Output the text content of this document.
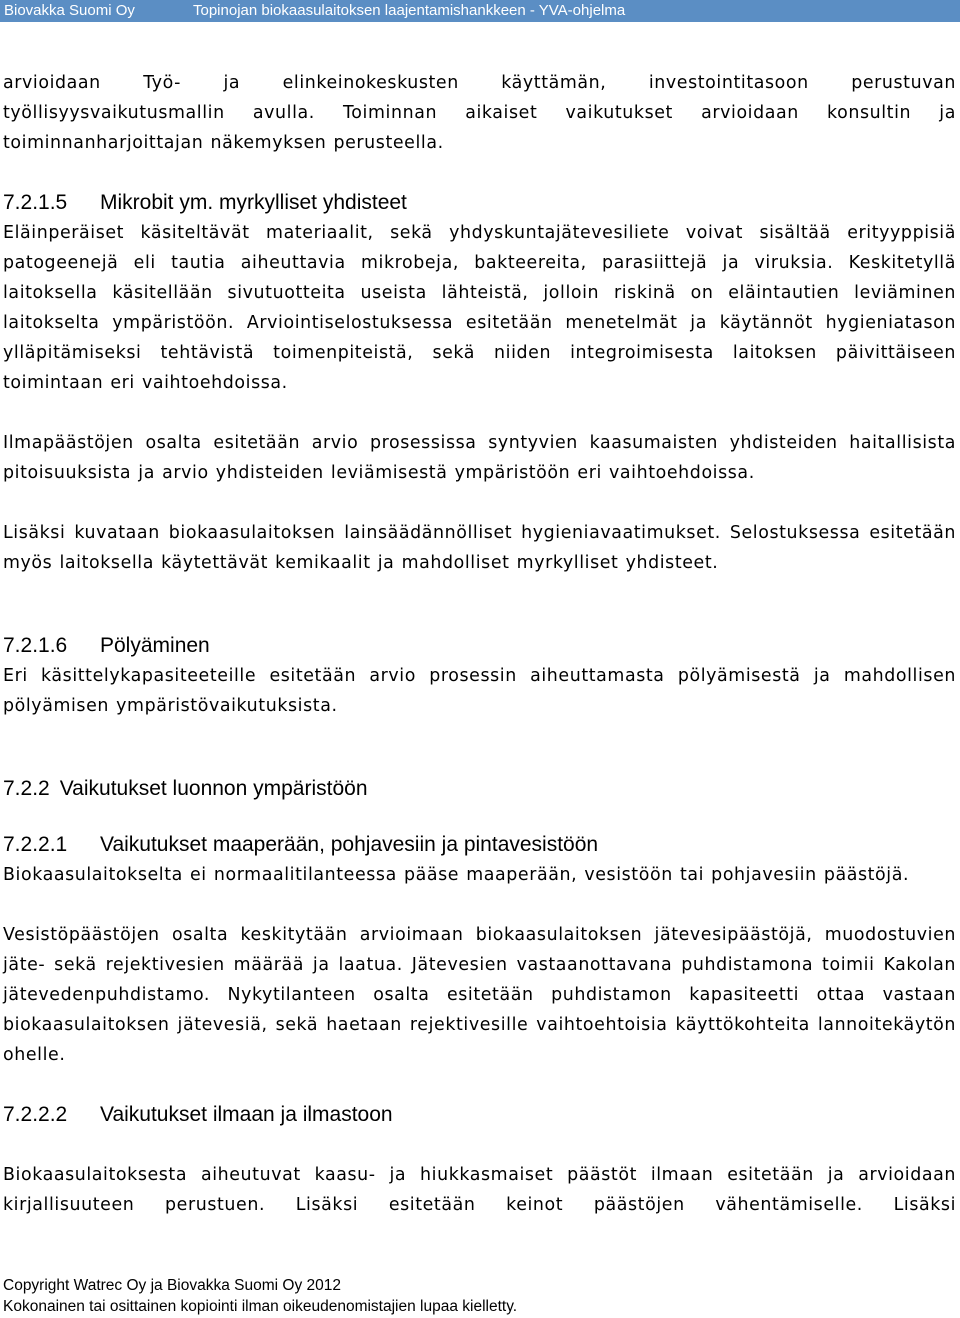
Biovakka Suomi Oy	Topinojan biokaasulaitoksen laajentamishankkeen - YVA-ohjelma

arvioidaan Työ- ja elinkeinokeskusten käyttämän, investointitasoon perustuvan työllisyysvaikutusmallin avulla. Toiminnan aikaiset vaikutukset arvioidaan konsultin ja toiminnanharjoittajan näkemyksen perusteella.

7.2.1.5 Mikrobit ym. myrkylliset yhdisteet

Eläinperäiset käsiteltävät materiaalit, sekä yhdyskuntajätevesiliete voivat sisältää erityyppisiä patogeenejä eli tautia aiheuttavia mikrobeja, bakteereita, parasiittejä ja viruksia. Keskitetyllä laitoksella käsitellään sivutuotteita useista lähteistä, jolloin riskinä on eläintautien leviäminen laitokselta ympäristöön. Arviointiselostuksessa esitetään menetelmät ja käytännöt hygieniatason ylläpitämiseksi tehtävistä toimenpiteistä, sekä niiden integroimisesta laitoksen päivittäiseen toimintaan eri vaihtoehdoissa.

Ilmapäästöjen osalta esitetään arvio prosessissa syntyvien kaasumaisten yhdisteiden haitallisista pitoisuuksista ja arvio yhdisteiden leviämisestä ympäristöön eri vaihtoehdoissa.

Lisäksi kuvataan biokaasulaitoksen lainsäädännölliset hygieniavaatimukset. Selostuksessa esitetään myös laitoksella käytettävät kemikaalit ja mahdolliset myrkylliset yhdisteet.

7.2.1.6 Pölyäminen

Eri käsittelykapasiteeteille esitetään arvio prosessin aiheuttamasta pölyämisestä ja mahdollisen pölyämisen ympäristövaikutuksista.

7.2.2 Vaikutukset luonnon ympäristöön
7.2.2.1 Vaikutukset maaperään, pohjavesiin ja pintavesistöön

Biokaasulaitokselta ei normaalitilanteessa pääse maaperään, vesistöön tai pohjavesiin päästöjä.

Vesistöpäästöjen osalta keskitytään arvioimaan biokaasulaitoksen jätevesipäästöjä, muodostuvien jäte- sekä rejektivesien määrää ja laatua. Jätevesien vastaanottavana puhdistamona toimii Kakolan jätevedenpuhdistamo. Nykytilanteen osalta esitetään puhdistamon kapasiteetti ottaa vastaan biokaasulaitoksen jätevesiä, sekä haetaan rejektivesille vaihtoehtoisia käyttökohteita lannoitekäytön ohelle.

7.2.2.2 Vaikutukset ilmaan ja ilmastoon

Biokaasulaitoksesta aiheutuvat kaasu- ja hiukkasmaiset päästöt ilmaan esitetään ja arvioidaan kirjallisuuteen perustuen. Lisäksi esitetään keinot päästöjen vähentämiselle. Lisäksi

Copyright Watrec Oy ja Biovakka Suomi Oy 2012
Kokonainen tai osittainen kopiointi ilman oikeudenomistajien lupaa kielletty.
